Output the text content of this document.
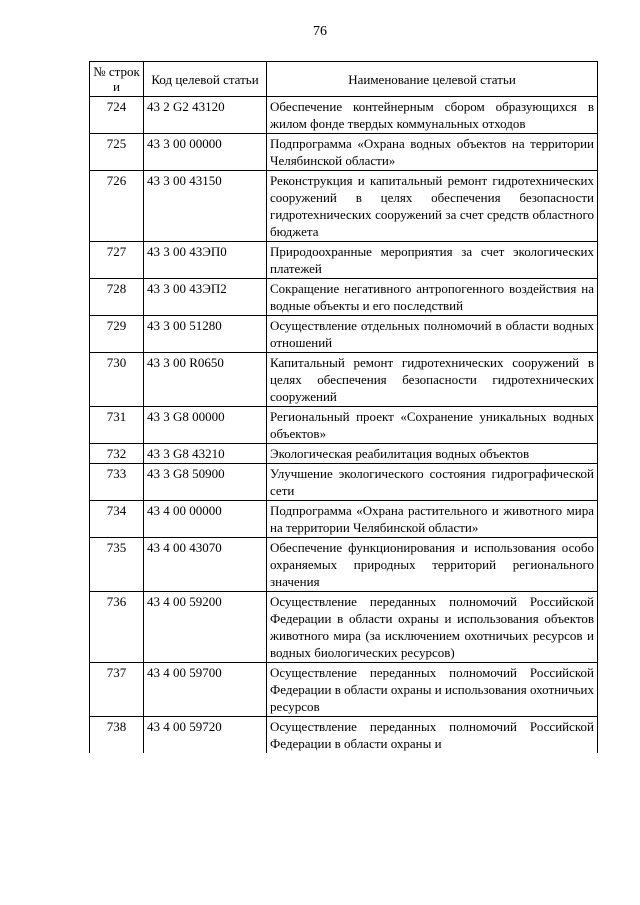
76
№ строк и	Код целевой статьи	Наименование целевой статьи
724	43 2 G2 43120	Обеспечение контейнерным сбором образующихся в жилом фонде твердых коммунальных отходов
725	43 3 00 00000	Подпрограмма «Охрана водных объектов на территории Челябинской области»
726	43 3 00 43150	Реконструкция и капитальный ремонт гидротехнических сооружений в целях обеспечения безопасности гидротехнических сооружений за счет средств областного бюджета
727	43 3 00 43ЭП0	Природоохранные мероприятия за счет экологических платежей
728	43 3 00 43ЭП2	Сокращение негативного антропогенного воздействия на водные объекты и его последствий
729	43 3 00 51280	Осуществление отдельных полномочий в области водных отношений
730	43 3 00 R0650	Капитальный ремонт гидротехнических сооружений в целях обеспечения безопасности гидротехнических сооружений
731	43 3 G8 00000	Региональный проект «Сохранение уникальных водных объектов»
732	43 3 G8 43210	Экологическая реабилитация водных объектов
733	43 3 G8 50900	Улучшение экологического состояния гидрографической сети
734	43 4 00 00000	Подпрограмма «Охрана растительного и животного мира на территории Челябинской области»
735	43 4 00 43070	Обеспечение функционирования и использования особо охраняемых природных территорий регионального значения
736	43 4 00 59200	Осуществление переданных полномочий Российской Федерации в области охраны и использования объектов животного мира (за исключением охотничьих ресурсов и водных биологических ресурсов)
737	43 4 00 59700	Осуществление переданных полномочий Российской Федерации в области охраны и использования охотничьих ресурсов
738	43 4 00 59720	Осуществление переданных полномочий Российской Федерации в области охраны и
